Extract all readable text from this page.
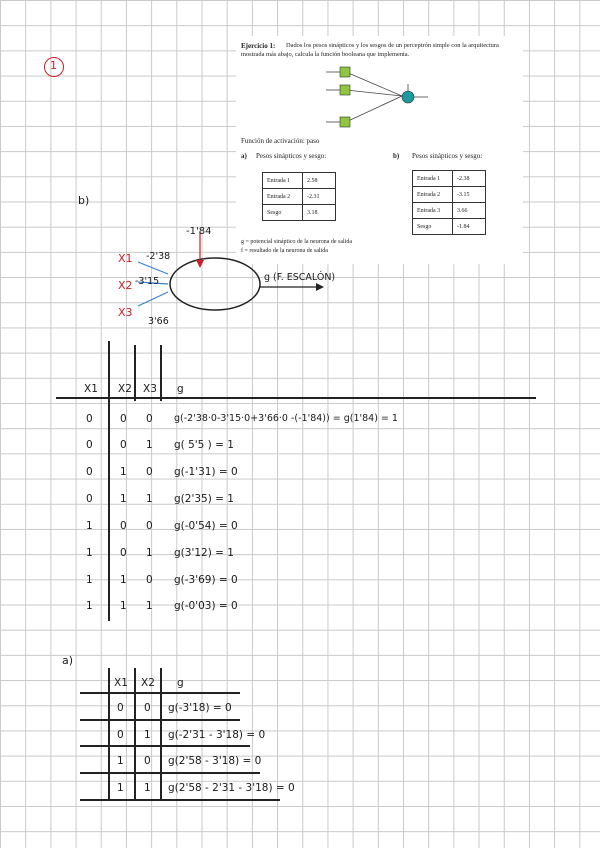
1
Ejercicio 1: Dados los pesos sinápticos y los sesgos de un perceptrón simple con la arquitectura
mostrada más abajo, calcula la función booleana que implementa.
Función de activación: paso
a) Pesos sinápticos y sesgo:	b) Pesos sinápticos y sesgo:
Entrada 1	2.58
Entrada 2	-2.31
Sesgo	3.18
Entrada 1	-2.38
Entrada 2	-3.15
Entrada 3	3.66
Sesgo	-1.84
g = potencial sináptico de la neurona de salida
f = resultado de la neurona de salida
b)
-1'84
X1
X2
X3
-2'38
-3'15
3'66
g (F. ESCALÓN)
X1 X2 X3 g
0	0 0 g(-2'38·0-3'15·0+3'66·0 -(-1'84)) = g(1'84) = 1
0	0 1 g( 5'5 ) = 1
0	1 0 g(-1'31) = 0
0	1 1 g(2'35) = 1
1	0 0 g(-0'54) = 0
1	0 1 g(3'12) = 1
1	1 0 g(-3'69) = 0
1	1 1 g(-0'03) = 0
a)
X1 X2 g
0 0 g(-3'18) = 0
0 1 g(-2'31 - 3'18) = 0
1 0 g(2'58 - 3'18) = 0
1 1 g(2'58 - 2'31 - 3'18) = 0
